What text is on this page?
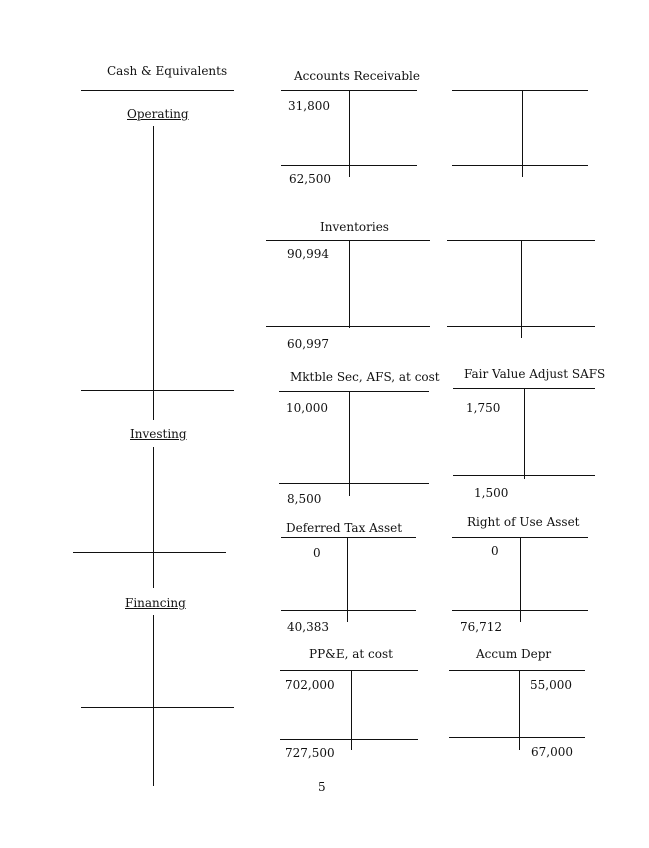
Cash & Equivalents
Operating
Investing
Financing
Accounts Receivable
31,800
62,500
Inventories
90,994
60,997
Mktble Sec, AFS, at cost
10,000
8,500
Fair Value Adjust SAFS
1,750
1,500
Deferred Tax Asset
0
40,383
Right of Use Asset
0
76,712
PP&E, at cost
702,000
727,500
Accum Depr
55,000
67,000
5
